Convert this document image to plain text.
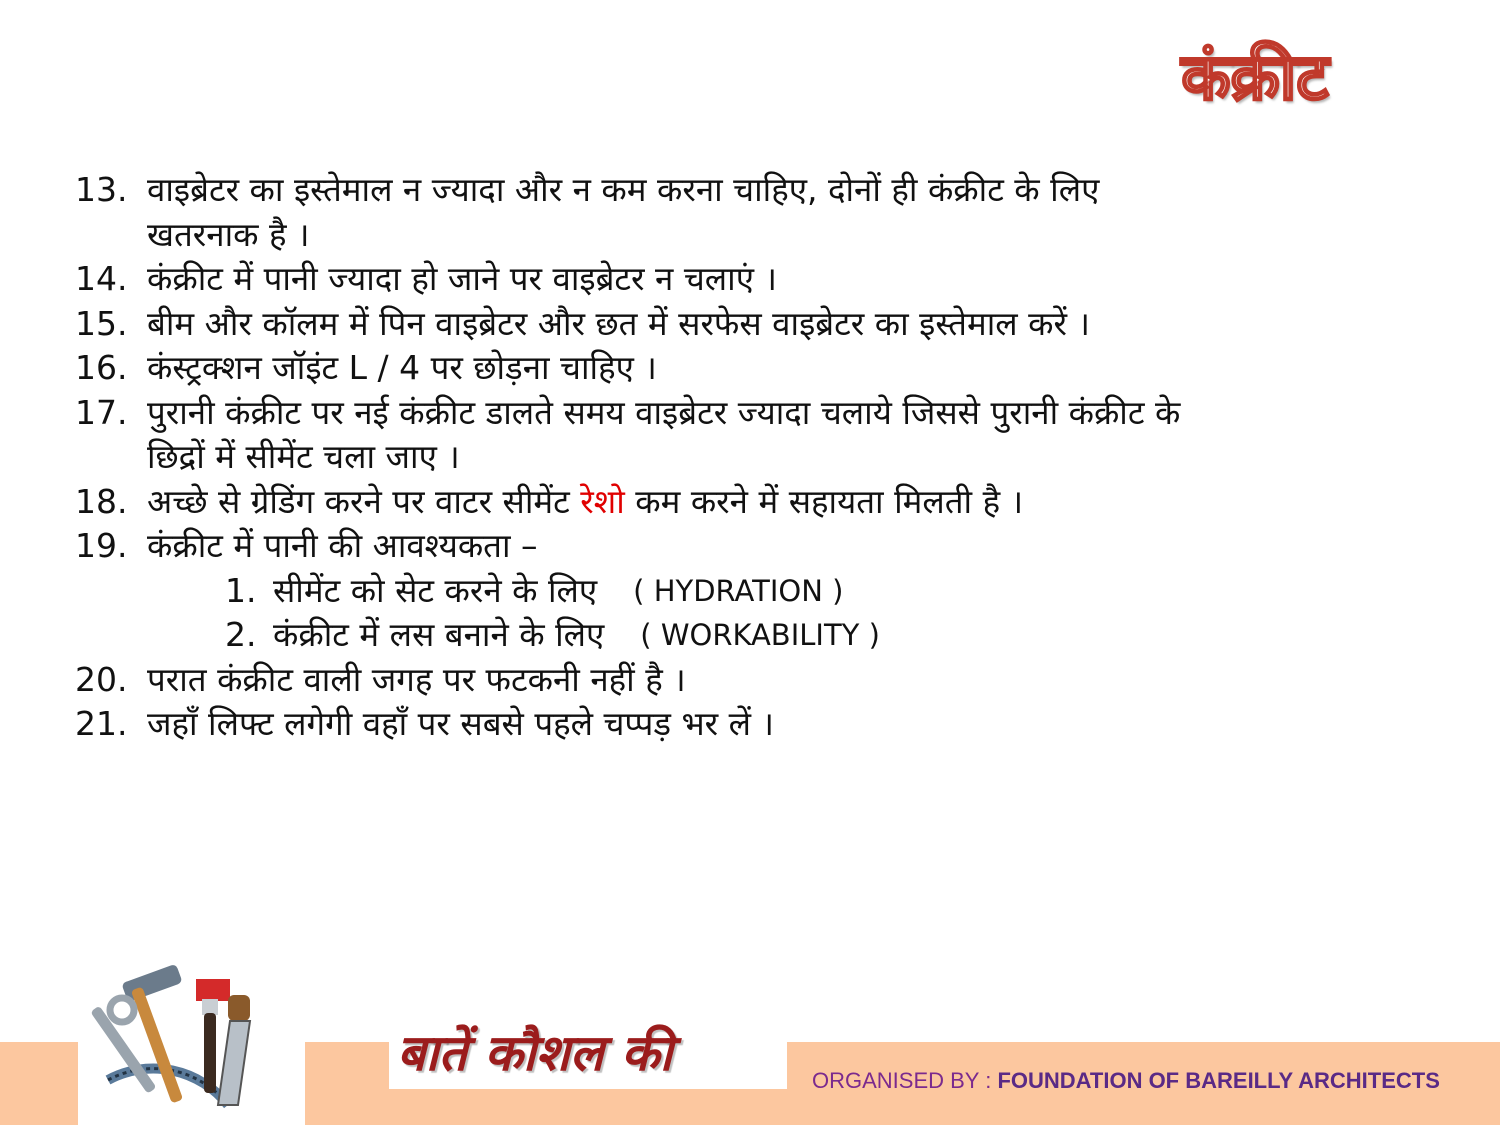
कंक्रीट
13. वाइब्रेटर का इस्तेमाल न ज्यादा और न कम करना चाहिए, दोनों ही कंक्रीट के लिए खतरनाक है ।
14. कंक्रीट में पानी ज्यादा हो जाने पर वाइब्रेटर न चलाएं ।
15. बीम और कॉलम में पिन वाइब्रेटर और छत में सरफेस वाइब्रेटर का इस्तेमाल करें ।
16. कंस्ट्रक्शन जॉइंट L / 4 पर छोड़ना चाहिए ।
17. पुरानी कंक्रीट पर नई कंक्रीट डालते समय वाइब्रेटर ज्यादा चलाये जिससे पुरानी कंक्रीट के छिद्रों में सीमेंट चला जाए ।
18. अच्छे से ग्रेडिंग करने पर वाटर सीमेंट रेशो कम करने में सहायता मिलती है ।
19. कंक्रीट में पानी की आवश्यकता –
1. सीमेंट को सेट करने के लिए ( HYDRATION )
2. कंक्रीट में लस बनाने के लिए ( WORKABILITY )
20. परात कंक्रीट वाली जगह पर फटकनी नहीं है ।
21. जहाँ लिफ्ट लगेगी वहाँ पर सबसे पहले चप्पड़ भर लें ।
बातें कौशल की	ORGANISED BY : FOUNDATION OF BAREILLY ARCHITECTS
